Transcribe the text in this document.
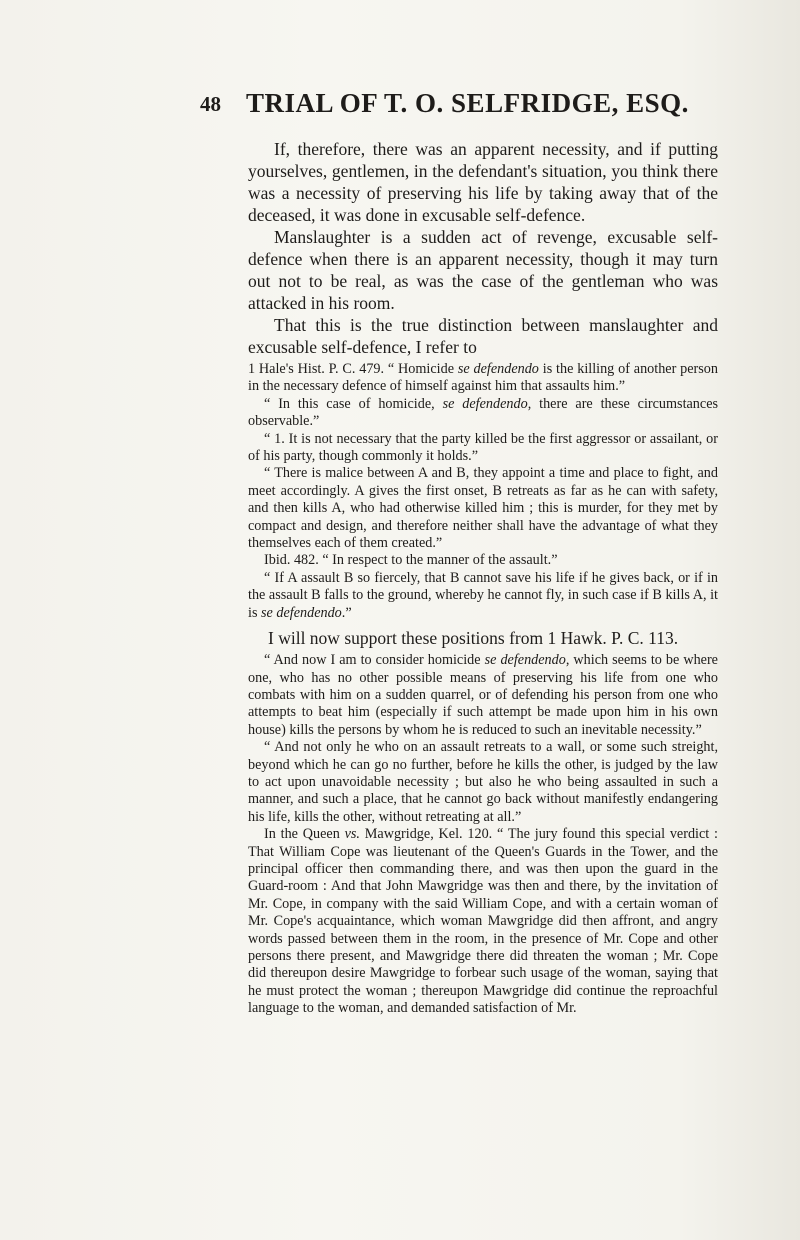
48 TRIAL OF T. O. SELFRIDGE, ESQ.

If, therefore, there was an apparent necessity, and if putting yourselves, gentlemen, in the defendant's situation, you think there was a necessity of preserving his life by taking away that of the deceased, it was done in excusable self-defence.

Manslaughter is a sudden act of revenge, excusable self-defence when there is an apparent necessity, though it may turn out not to be real, as was the case of the gentleman who was attacked in his room.

That this is the true distinction between manslaughter and excusable self-defence, I refer to

1 Hale's Hist. P. C. 479. “ Homicide se defendendo is the killing of another person in the necessary defence of himself against him that assaults him.”

“ In this case of homicide, se defendendo, there are these circumstances observable.”

“ 1. It is not necessary that the party killed be the first aggressor or assailant, or of his party, though commonly it holds.”

“ There is malice between A and B, they appoint a time and place to fight, and meet accordingly. A gives the first onset, B retreats as far as he can with safety, and then kills A, who had otherwise killed him ; this is murder, for they met by compact and design, and therefore neither shall have the advantage of what they themselves each of them created.”

Ibid. 482. “ In respect to the manner of the assault.”

“ If A assault B so fiercely, that B cannot save his life if he gives back, or if in the assault B falls to the ground, whereby he cannot fly, in such case if B kills A, it is se defendendo.”

I will now support these positions from 1 Hawk. P. C. 113.

“ And now I am to consider homicide se defendendo, which seems to be where one, who has no other possible means of preserving his life from one who combats with him on a sudden quarrel, or of defending his person from one who attempts to beat him (especially if such attempt be made upon him in his own house) kills the persons by whom he is reduced to such an inevitable necessity.”

“ And not only he who on an assault retreats to a wall, or some such streight, beyond which he can go no further, before he kills the other, is judged by the law to act upon unavoidable necessity ; but also he who being assaulted in such a manner, and such a place, that he cannot go back without manifestly endangering his life, kills the other, without retreating at all.”

In the Queen vs. Mawgridge, Kel. 120. “ The jury found this special verdict : That William Cope was lieutenant of the Queen's Guards in the Tower, and the principal officer then commanding there, and was then upon the guard in the Guard-room : And that John Mawgridge was then and there, by the invitation of Mr. Cope, in company with the said William Cope, and with a certain woman of Mr. Cope's acquaintance, which woman Mawgridge did then affront, and angry words passed between them in the room, in the presence of Mr. Cope and other persons there present, and Mawgridge there did threaten the woman ; Mr. Cope did thereupon desire Mawgridge to forbear such usage of the woman, saying that he must protect the woman ; thereupon Mawgridge did continue the reproachful language to the woman, and demanded satisfaction of Mr.
